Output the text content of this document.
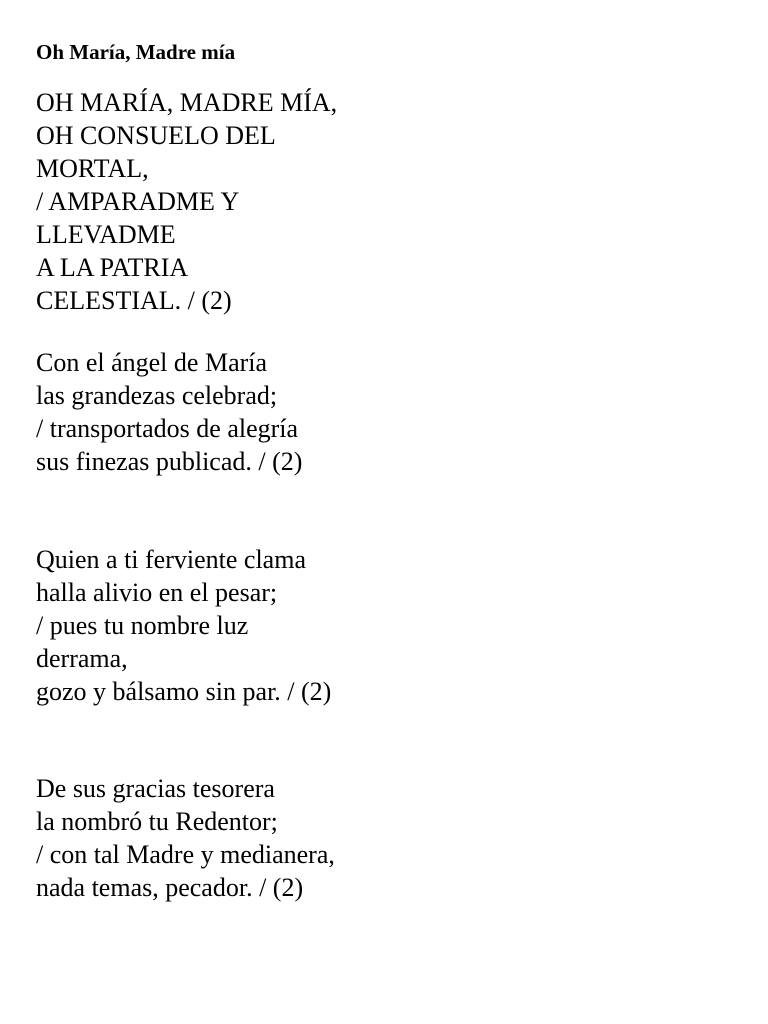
Oh María, Madre mía
OH MARÍA, MADRE MÍA,
OH CONSUELO DEL
MORTAL,
/ AMPARADME Y
LLEVADME
A LA PATRIA
CELESTIAL. / (2)
Con el ángel de María
las grandezas celebrad;
/ transportados de alegría
sus finezas publicad. / (2)
Quien a ti ferviente clama
halla alivio en el pesar;
/ pues tu nombre luz
derrama,
gozo y bálsamo sin par. / (2)
De sus gracias tesorera
la nombró tu Redentor;
/ con tal Madre y medianera,
nada temas, pecador. / (2)
